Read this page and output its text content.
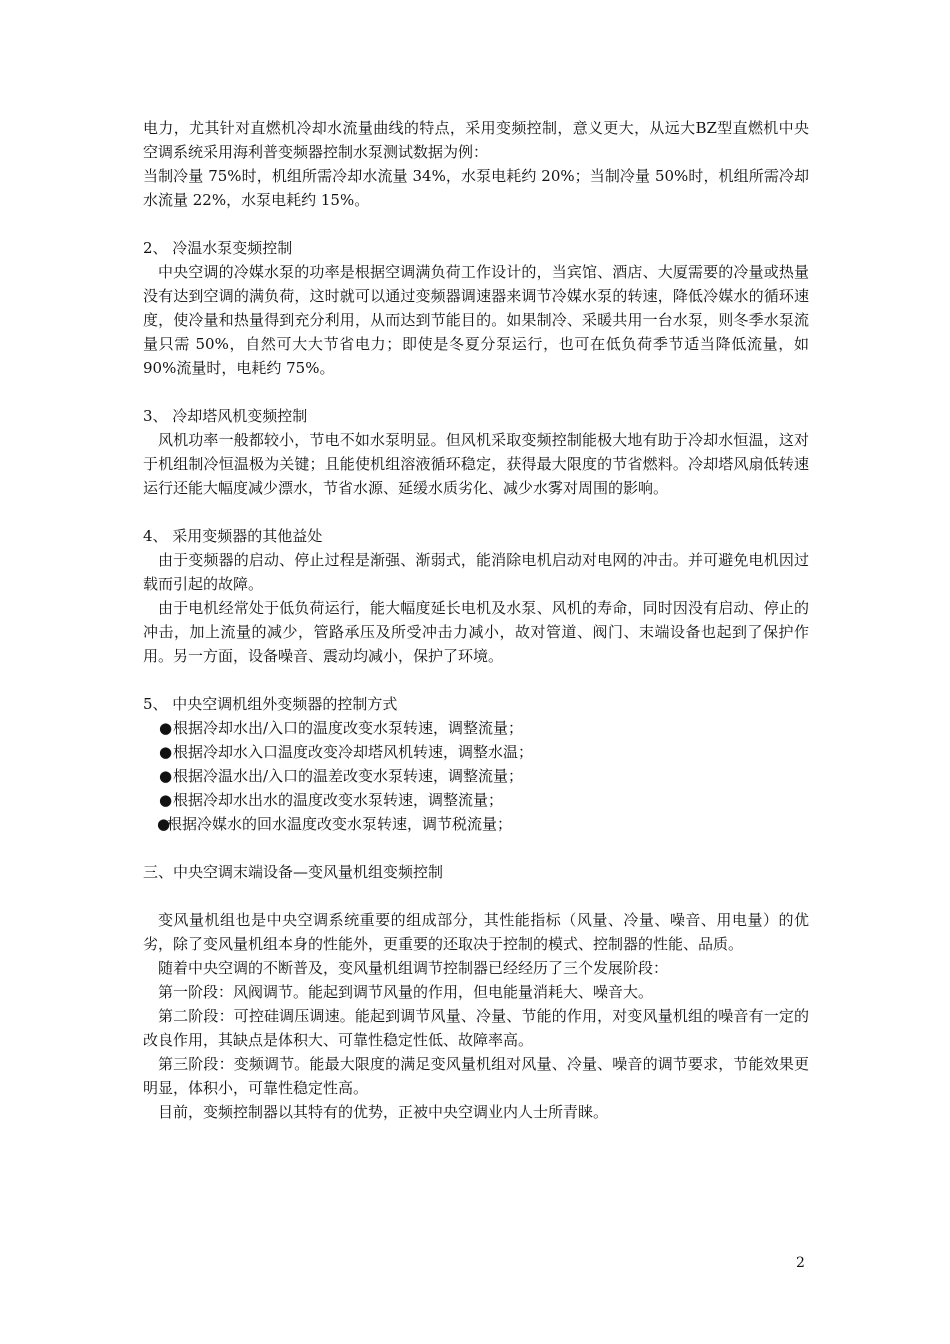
电力，尤其针对直燃机冷却水流量曲线的特点，采用变频控制，意义更大，从远大BZ型直燃机中央空调系统采用海利普变频器控制水泵测试数据为例：

当制冷量 75%时，机组所需冷却水流量 34%，水泵电耗约 20%；当制冷量 50%时，机组所需冷却水流量 22%，水泵电耗约 15%。

2、 冷温水泵变频控制

中央空调的冷媒水泵的功率是根据空调满负荷工作设计的，当宾馆、酒店、大厦需要的冷量或热量没有达到空调的满负荷，这时就可以通过变频器调速器来调节冷媒水泵的转速，降低冷媒水的循环速度，使冷量和热量得到充分利用，从而达到节能目的。如果制冷、采暖共用一台水泵，则冬季水泵流量只需 50%，自然可大大节省电力；即使是冬夏分泵运行，也可在低负荷季节适当降低流量，如 90%流量时，电耗约 75%。

3、 冷却塔风机变频控制

风机功率一般都较小，节电不如水泵明显。但风机采取变频控制能极大地有助于冷却水恒温，这对于机组制冷恒温极为关键；且能使机组溶液循环稳定，获得最大限度的节省燃料。冷却塔风扇低转速运行还能大幅度减少漂水，节省水源、延缓水质劣化、减少水雾对周围的影响。

4、 采用变频器的其他益处

由于变频器的启动、停止过程是渐强、渐弱式，能消除电机启动对电网的冲击。并可避免电机因过载而引起的故障。

由于电机经常处于低负荷运行，能大幅度延长电机及水泵、风机的寿命，同时因没有启动、停止的冲击，加上流量的减少，管路承压及所受冲击力减小，故对管道、阀门、末端设备也起到了保护作用。另一方面，设备噪音、震动均减小，保护了环境。

5、 中央空调机组外变频器的控制方式

●根据冷却水出/入口的温度改变水泵转速，调整流量；
●根据冷却水入口温度改变冷却塔风机转速，调整水温；
●根据冷温水出/入口的温差改变水泵转速，调整流量；
●根据冷却水出水的温度改变水泵转速，调整流量；
●根据冷媒水的回水温度改变水泵转速，调节税流量；

三、中央空调末端设备—变风量机组变频控制

变风量机组也是中央空调系统重要的组成部分，其性能指标（风量、冷量、噪音、用电量）的优劣，除了变风量机组本身的性能外，更重要的还取决于控制的模式、控制器的性能、品质。

随着中央空调的不断普及，变风量机组调节控制器已经经历了三个发展阶段：

第一阶段：风阀调节。能起到调节风量的作用，但电能量消耗大、噪音大。

第二阶段：可控硅调压调速。能起到调节风量、冷量、节能的作用，对变风量机组的噪音有一定的改良作用，其缺点是体积大、可靠性稳定性低、故障率高。

第三阶段：变频调节。能最大限度的满足变风量机组对风量、冷量、噪音的调节要求，节能效果更明显，体积小，可靠性稳定性高。

目前，变频控制器以其特有的优势，正被中央空调业内人士所青睐。

2
